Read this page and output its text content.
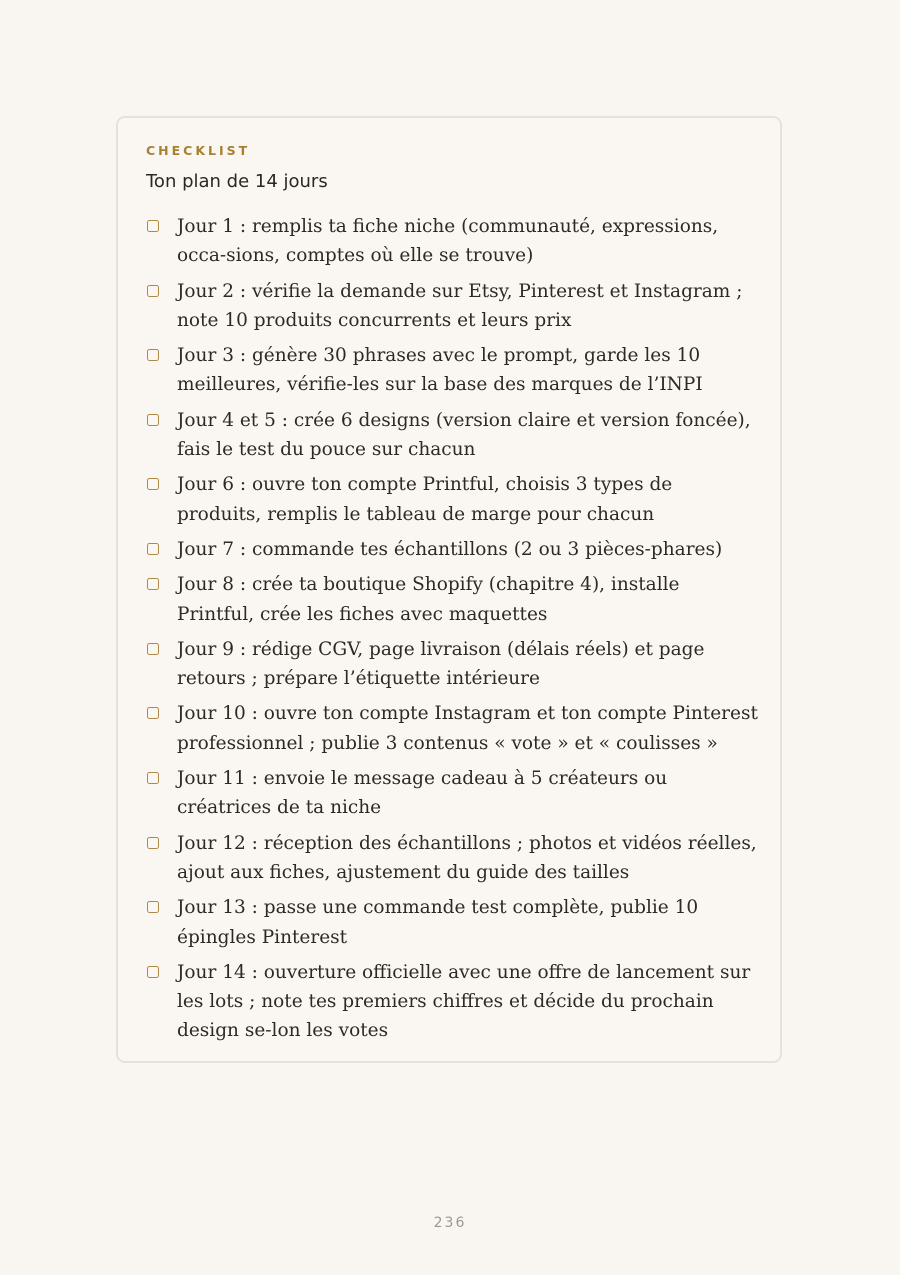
CHECKLIST

Ton plan de 14 jours
Jour 1 : remplis ta fiche niche (communauté, expressions, occa-sions, comptes où elle se trouve)
Jour 2 : vérifie la demande sur Etsy, Pinterest et Instagram ; note 10 produits concurrents et leurs prix
Jour 3 : génère 30 phrases avec le prompt, garde les 10 meilleures, vérifie-les sur la base des marques de l’INPI
Jour 4 et 5 : crée 6 designs (version claire et version foncée), fais le test du pouce sur chacun
Jour 6 : ouvre ton compte Printful, choisis 3 types de produits, remplis le tableau de marge pour chacun
Jour 7 : commande tes échantillons (2 ou 3 pièces-phares)
Jour 8 : crée ta boutique Shopify (chapitre 4), installe Printful, crée les fiches avec maquettes
Jour 9 : rédige CGV, page livraison (délais réels) et page retours ; prépare l’étiquette intérieure
Jour 10 : ouvre ton compte Instagram et ton compte Pinterest professionnel ; publie 3 contenus « vote » et « coulisses »
Jour 11 : envoie le message cadeau à 5 créateurs ou créatrices de ta niche
Jour 12 : réception des échantillons ; photos et vidéos réelles, ajout aux fiches, ajustement du guide des tailles
Jour 13 : passe une commande test complète, publie 10 épingles Pinterest
Jour 14 : ouverture officielle avec une offre de lancement sur les lots ; note tes premiers chiffres et décide du prochain design se-lon les votes
236
